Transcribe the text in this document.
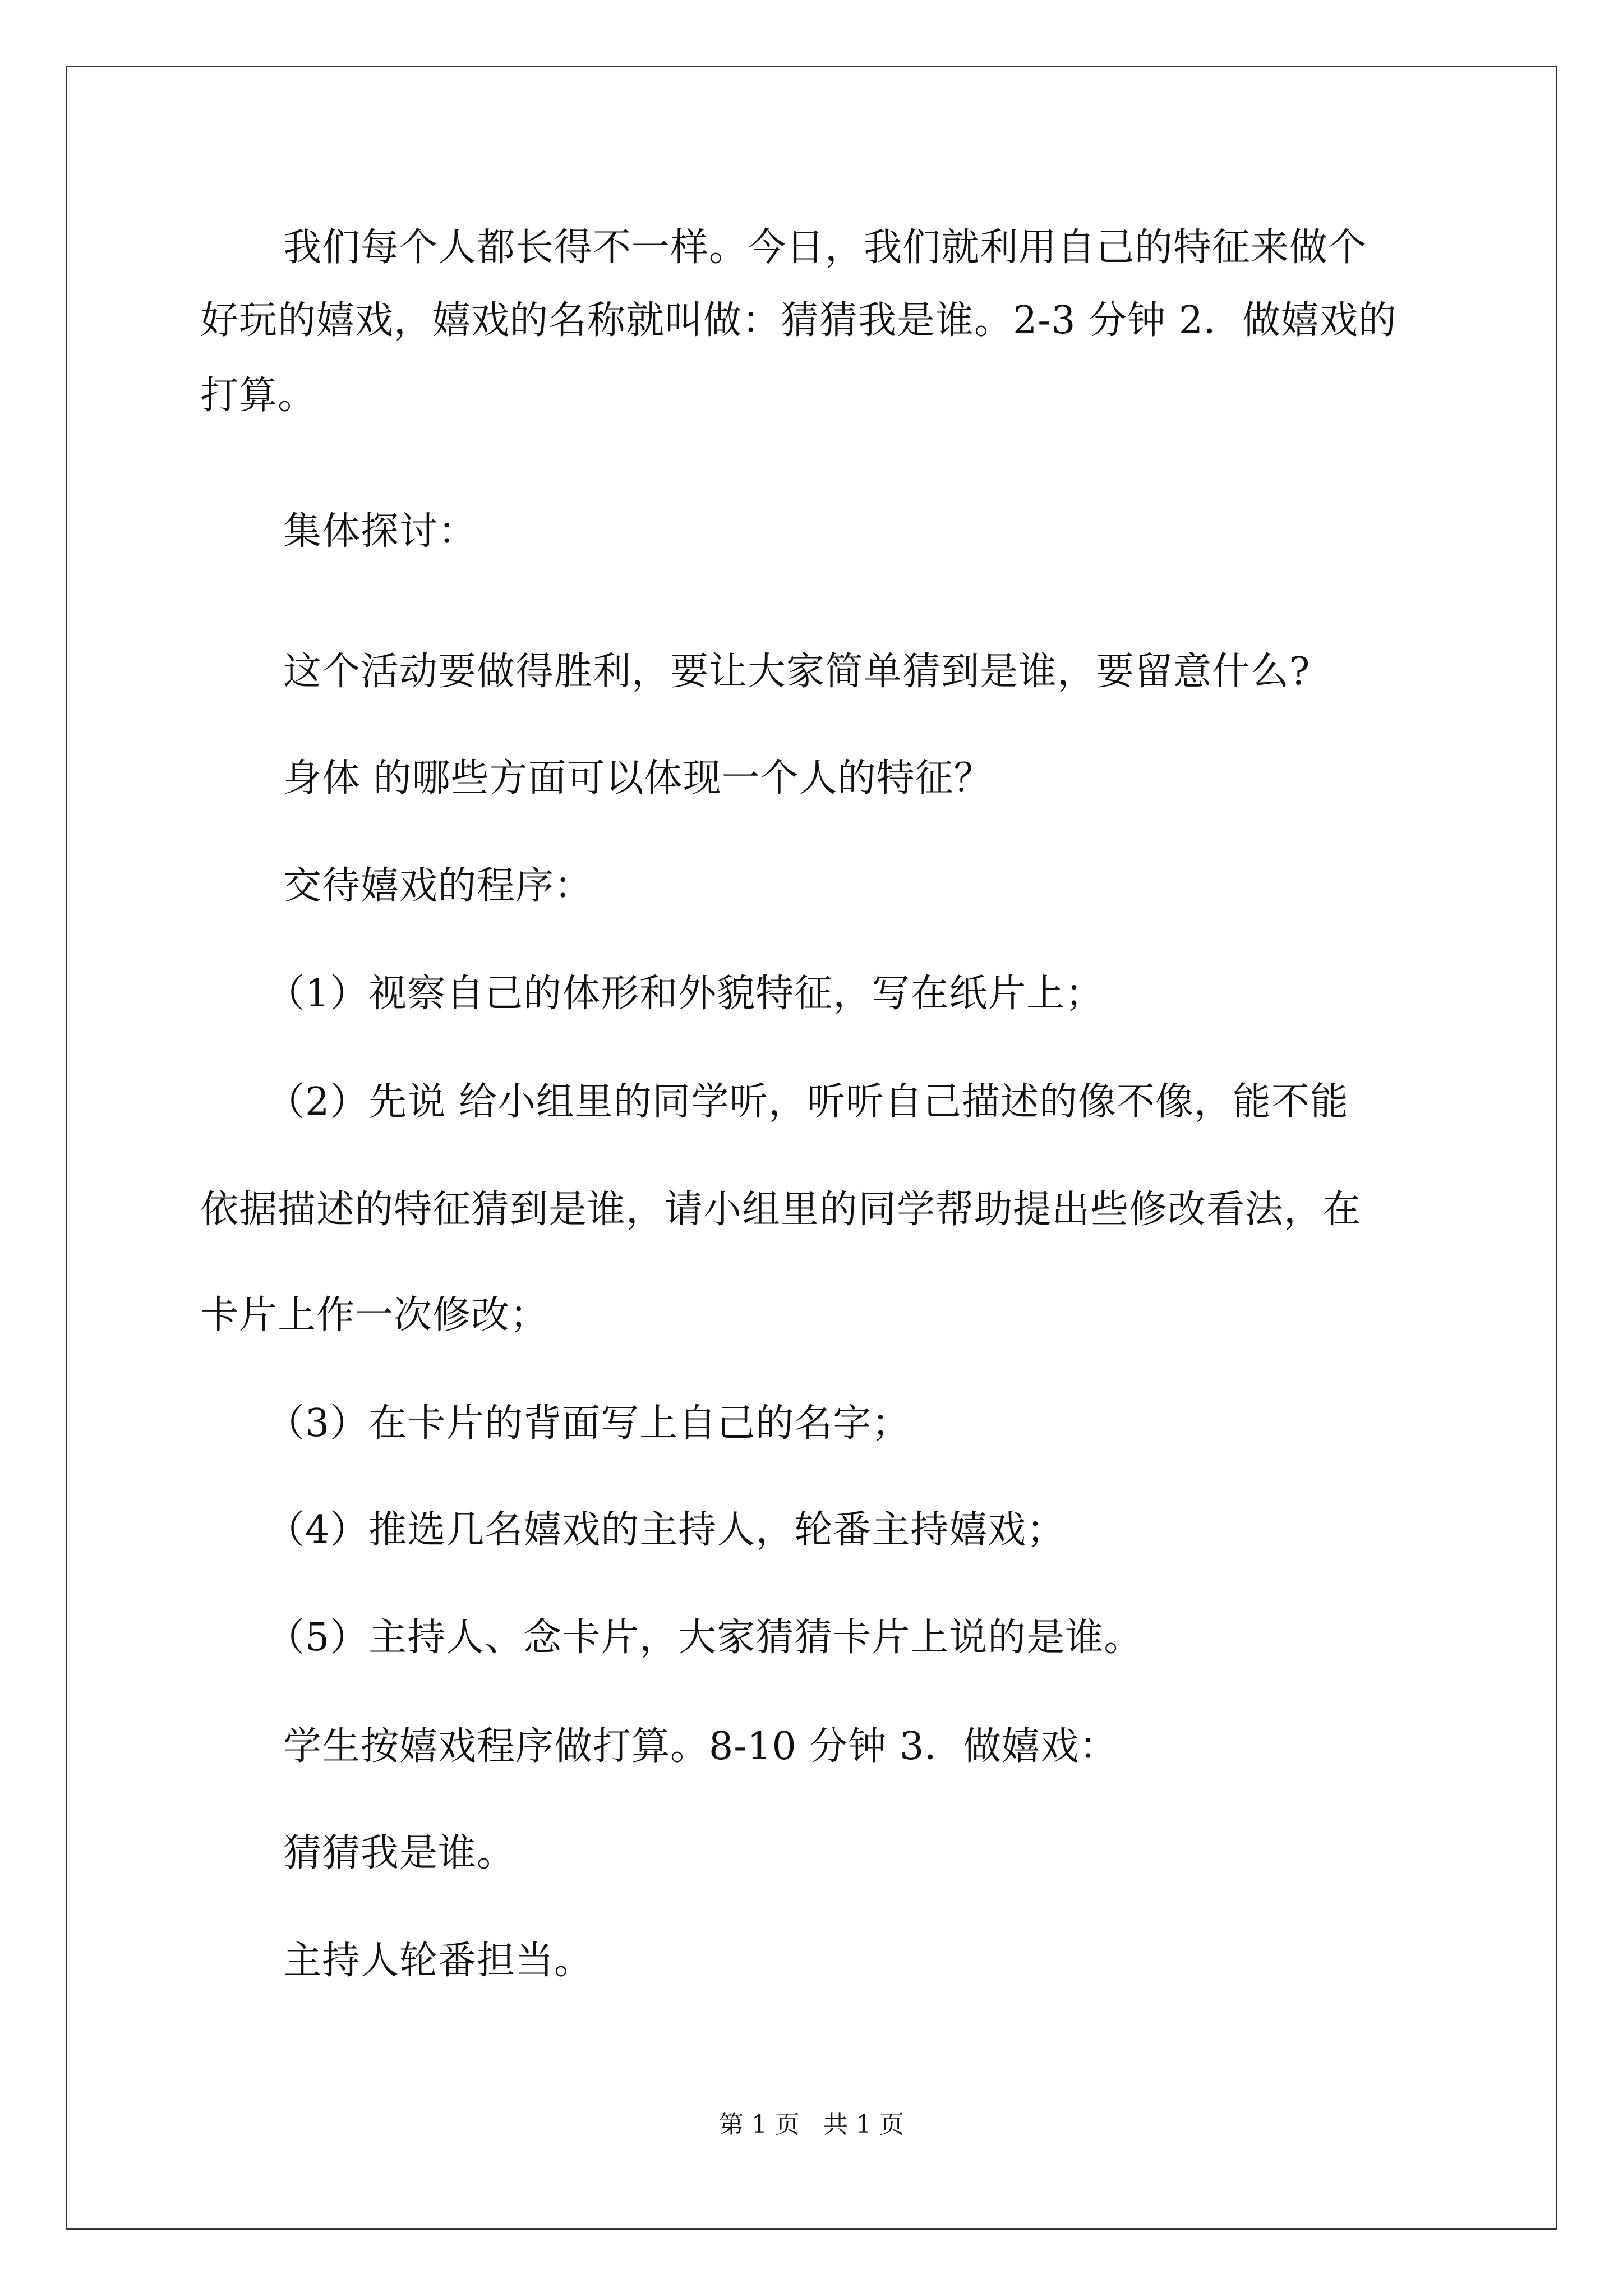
我们每个人都长得不一样。今日，我们就利用自己的特征来做个
好玩的嬉戏，嬉戏的名称就叫做：猜猜我是谁。2-3 分钟 2．做嬉戏的
打算。
集体探讨：
这个活动要做得胜利，要让大家简单猜到是谁，要留意什么?
身体 的哪些方面可以体现一个人的特征？
交待嬉戏的程序：
（1）视察自己的体形和外貌特征，写在纸片上；
（2）先说 给小组里的同学听，听听自己描述的像不像，能不能
依据描述的特征猜到是谁，请小组里的同学帮助提出些修改看法，在
卡片上作一次修改；
（3）在卡片的背面写上自己的名字；
（4）推选几名嬉戏的主持人，轮番主持嬉戏；
（5）主持人、念卡片，大家猜猜卡片上说的是谁。
学生按嬉戏程序做打算。8-10 分钟 3．做嬉戏：
猜猜我是谁。
主持人轮番担当。
第 1 页   共 1 页
